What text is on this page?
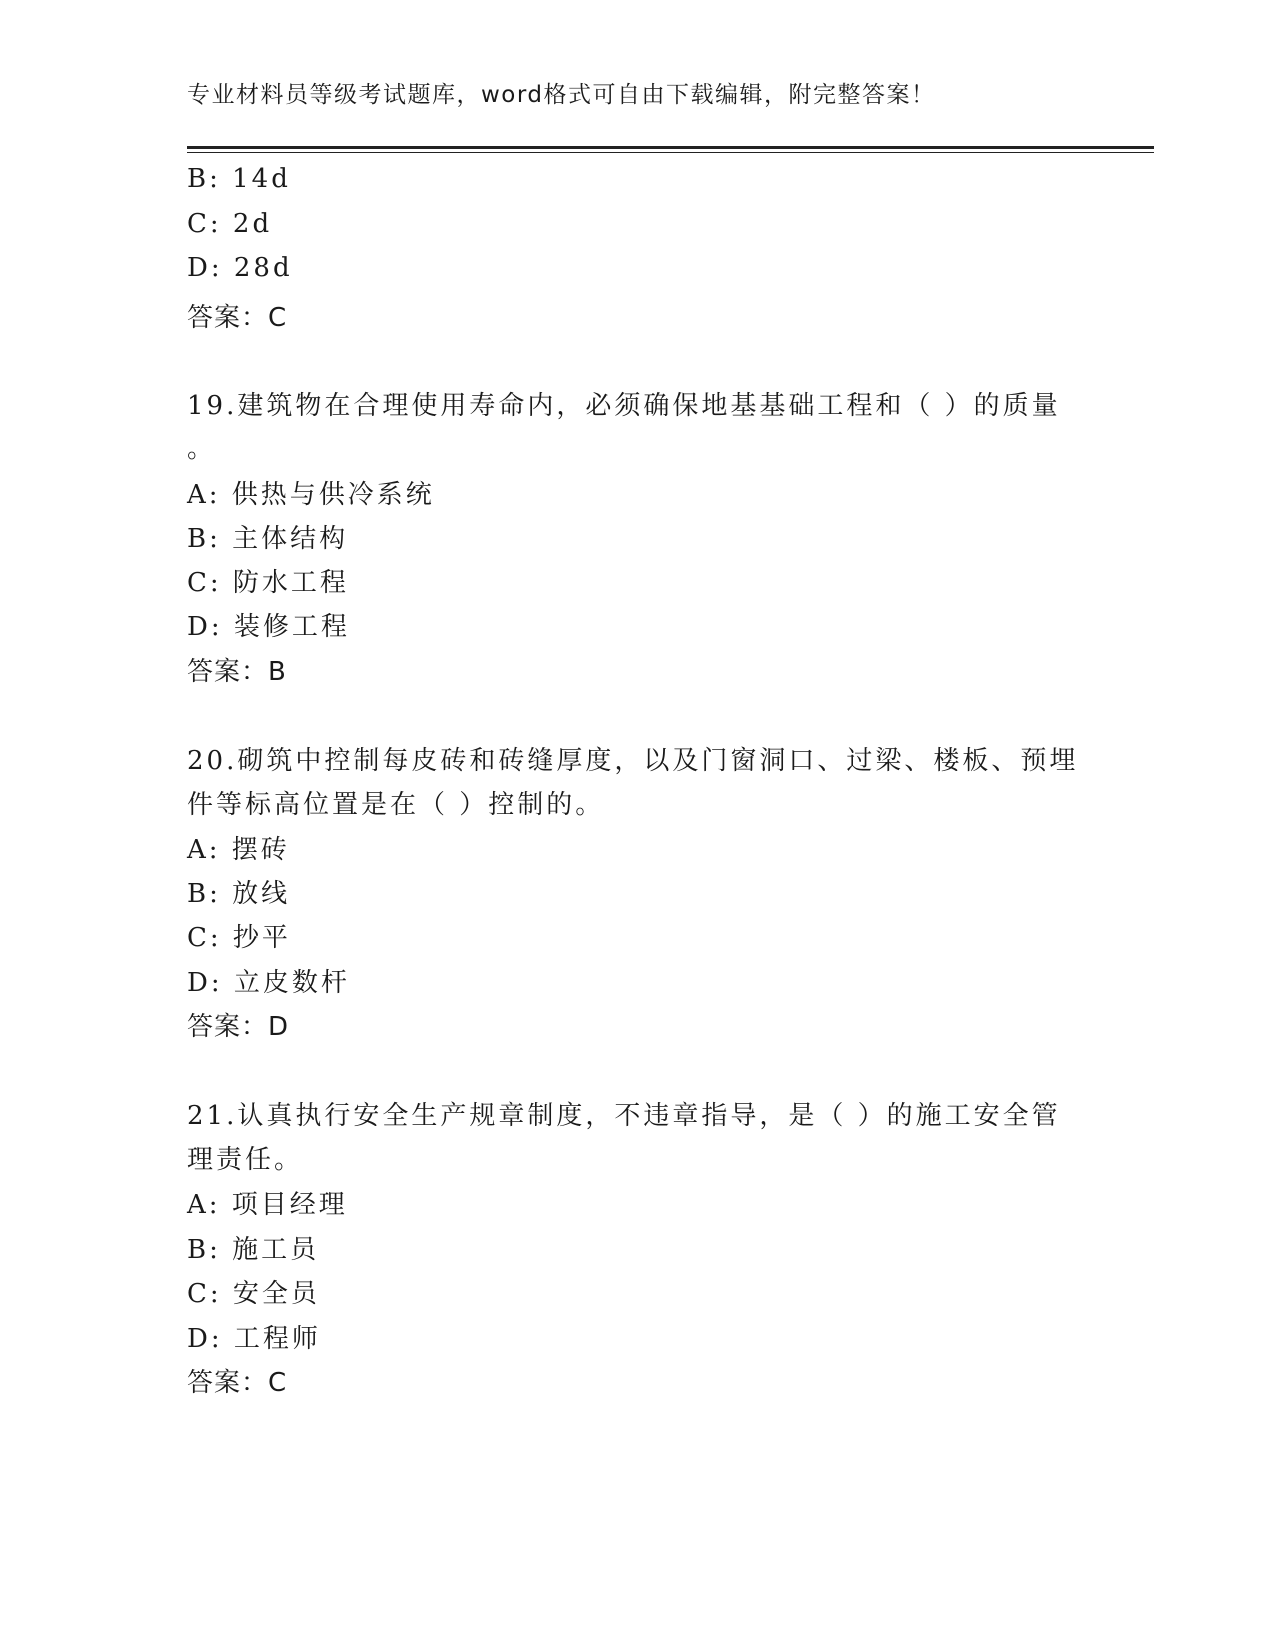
专业材料员等级考试题库，word格式可自由下载编辑，附完整答案！
B: 14d
C: 2d
D: 28d
答案：C
19.建筑物在合理使用寿命内，必须确保地基基础工程和（ ）的质量
。
A: 供热与供冷系统
B: 主体结构
C: 防水工程
D: 装修工程
答案：B
20.砌筑中控制每皮砖和砖缝厚度，以及门窗洞口、过梁、楼板、预埋
件等标高位置是在（ ）控制的。
A: 摆砖
B: 放线
C: 抄平
D: 立皮数杆
答案：D
21.认真执行安全生产规章制度，不违章指导，是（ ）的施工安全管
理责任。
A: 项目经理
B: 施工员
C: 安全员
D: 工程师
答案：C
